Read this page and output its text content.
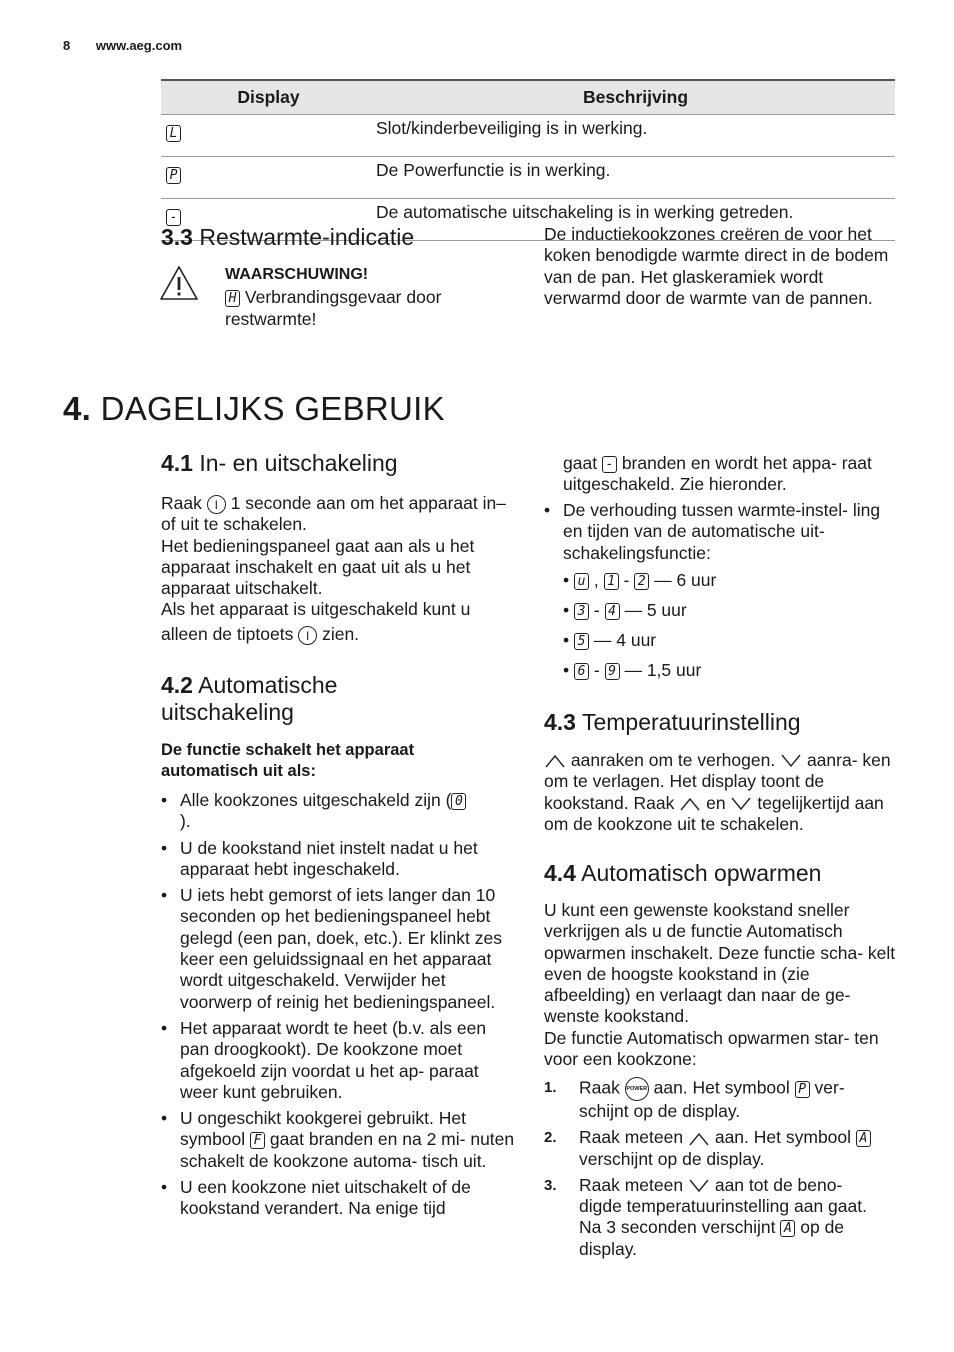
8 www.aeg.com
Display	Beschrijving
L	Slot/kinderbeveiliging is in werking.
P	De Powerfunctie is in werking.
-	De automatische uitschakeling is in werking getreden.
3.3 Restwarmte-indicatie
WAARSCHUWING!
H Verbrandingsgevaar door
restwarmte!
De inductiekookzones creëren de voor het koken benodigde warmte direct in de bodem van de pan. Het glaskeramiek wordt verwarmd door de warmte van de pannen.
4. DAGELIJKS GEBRUIK
4.1 In- en uitschakeling

Raak I 1 seconde aan om het apparaat in– of uit te schakelen.

Het bedieningspaneel gaat aan als u het apparaat inschakelt en gaat uit als u het apparaat uitschakelt.

Als het apparaat is uitgeschakeld kunt u

alleen de tiptoets I zien.

4.2 Automatische
uitschakeling
De functie schakelt het apparaat automatisch uit als:
• Alle kookzones uitgeschakeld zijn ( 0
).
• U de kookstand niet instelt nadat u het apparaat hebt ingeschakeld.
• U iets hebt gemorst of iets langer dan 10 seconden op het bedieningspaneel hebt gelegd (een pan, doek, etc.). Er klinkt zes keer een geluidssignaal en het apparaat wordt uitgeschakeld. Verwijder het voorwerp of reinig het bedieningspaneel.
• Het apparaat wordt te heet (b.v. als een pan droogkookt). De kookzone moet afgekoeld zijn voordat u het ap- paraat weer kunt gebruiken.
• U ongeschikt kookgerei gebruikt. Het
symbool F gaat branden en na 2 mi- nuten schakelt de kookzone automa- tisch uit.
• U een kookzone niet uitschakelt of de kookstand verandert. Na enige tijd
gaat - branden en wordt het appa- raat uitgeschakeld. Zie hieronder.
• De verhouding tussen warmte-instel- ling en tijden van de automatische uit- schakelingsfunctie:
• u , 1 - 2 — 6 uur
• 3 - 4 — 5 uur
• 5 — 4 uur
• 6 - 9 — 1,5 uur
4.3 Temperatuurinstelling
aanraken om te verhogen. aanra- ken om te verlagen. Het display toont de kookstand. Raak en tegelijkertijd aan om de kookzone uit te schakelen.
4.4 Automatisch opwarmen

U kunt een gewenste kookstand sneller verkrijgen als u de functie Automatisch opwarmen inschakelt. Deze functie scha- kelt even de hoogste kookstand in (zie afbeelding) en verlaagt dan naar de ge- wenste kookstand.

De functie Automatisch opwarmen star- ten voor een kookzone:

1. Raak POWER aan. Het symbool P ver- schijnt op de display.
2. Raak meteen aan. Het symbool A verschijnt op de display.
3. Raak meteen aan tot de beno- digde temperatuurinstelling aan gaat. Na 3 seconden verschijnt A op de display.
